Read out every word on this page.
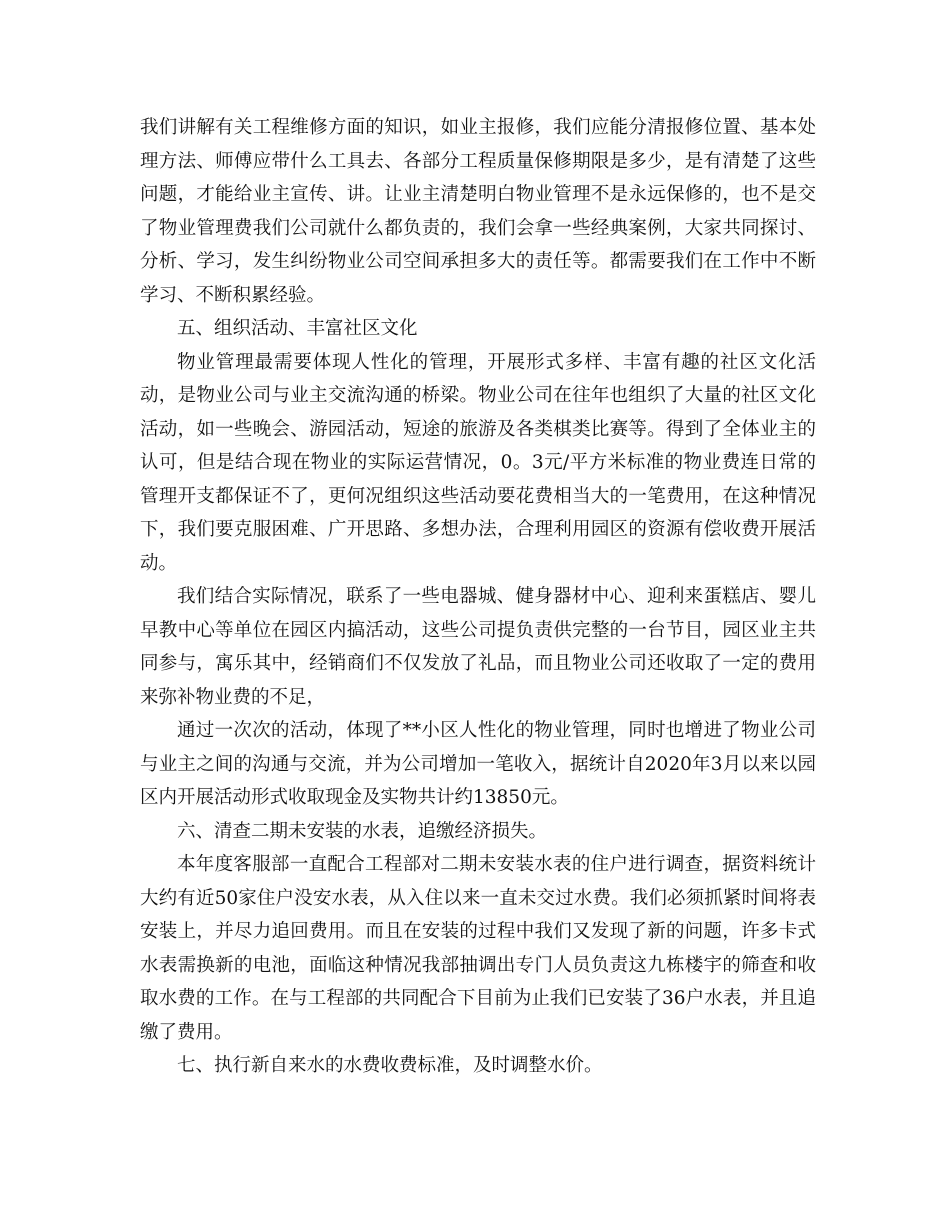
我们讲解有关工程维修方面的知识，如业主报修，我们应能分清报修位置、基本处理方法、师傅应带什么工具去、各部分工程质量保修期限是多少，是有清楚了这些问题，才能给业主宣传、讲。让业主清楚明白物业管理不是永远保修的，也不是交了物业管理费我们公司就什么都负责的，我们会拿一些经典案例，大家共同探讨、分析、学习，发生纠纷物业公司空间承担多大的责任等。都需要我们在工作中不断学习、不断积累经验。

五、组织活动、丰富社区文化

物业管理最需要体现人性化的管理，开展形式多样、丰富有趣的社区文化活动，是物业公司与业主交流沟通的桥梁。物业公司在往年也组织了大量的社区文化活动，如一些晚会、游园活动，短途的旅游及各类棋类比赛等。得到了全体业主的认可，但是结合现在物业的实际运营情况，0。3元/平方米标准的物业费连日常的管理开支都保证不了，更何况组织这些活动要花费相当大的一笔费用，在这种情况下，我们要克服困难、广开思路、多想办法，合理利用园区的资源有偿收费开展活动。

我们结合实际情况，联系了一些电器城、健身器材中心、迎利来蛋糕店、婴儿早教中心等单位在园区内搞活动，这些公司提负责供完整的一台节目，园区业主共同参与，寓乐其中，经销商们不仅发放了礼品，而且物业公司还收取了一定的费用来弥补物业费的不足，

通过一次次的活动，体现了**小区人性化的物业管理，同时也增进了物业公司与业主之间的沟通与交流，并为公司增加一笔收入，据统计自2020年3月以来以园区内开展活动形式收取现金及实物共计约13850元。

六、清查二期未安装的水表，追缴经济损失。

本年度客服部一直配合工程部对二期未安装水表的住户进行调查，据资料统计大约有近50家住户没安水表，从入住以来一直未交过水费。我们必须抓紧时间将表安装上，并尽力追回费用。而且在安装的过程中我们又发现了新的问题，许多卡式水表需换新的电池，面临这种情况我部抽调出专门人员负责这九栋楼宇的筛查和收取水费的工作。在与工程部的共同配合下目前为止我们已安装了36户水表，并且追缴了费用。

七、执行新自来水的水费收费标准，及时调整水价。
